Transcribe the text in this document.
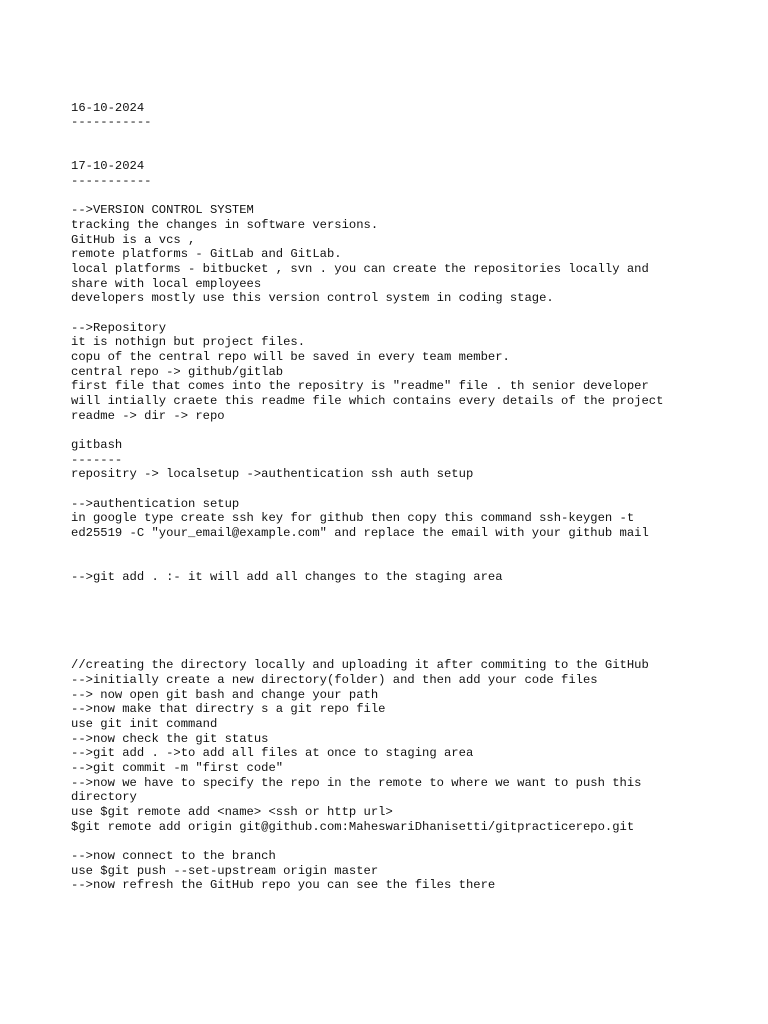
16-10-2024
-----------
17-10-2024
-----------
-->VERSION CONTROL SYSTEM
tracking the changes in software versions.
GitHub is a vcs ,
remote platforms - GitLab and GitLab.
local platforms - bitbucket , svn . you can create the repositories locally and
share with local employees
developers mostly use this version control system in coding stage.
-->Repository
it is nothign but project files.
copu of the central repo will be saved in every team member.
central repo -> github/gitlab
first file that comes into the repositry is "readme" file . th senior developer
will intially craete this readme file which contains every details of the project
readme -> dir -> repo
gitbash
-------
repositry -> localsetup ->authentication ssh auth setup
-->authentication setup
in google type create ssh key for github then copy this command ssh-keygen -t
ed25519 -C "your_email@example.com" and replace the email with your github mail
-->git add . :- it will add all changes to the staging area
//creating the directory locally and uploading it after commiting to the GitHub
-->initially create a new directory(folder) and then add your code files
--> now open git bash and change your path
-->now make that directry s a git repo file
use git init command
-->now check the git status
-->git add . ->to add all files at once to staging area
-->git commit -m "first code"
-->now we have to specify the repo in the remote to where we want to push this
directory
use $git remote add <name> <ssh or http url>
$git remote add origin git@github.com:MaheswariDhanisetti/gitpracticerepo.git
-->now connect to the branch
use $git push --set-upstream origin master
-->now refresh the GitHub repo you can see the files there
